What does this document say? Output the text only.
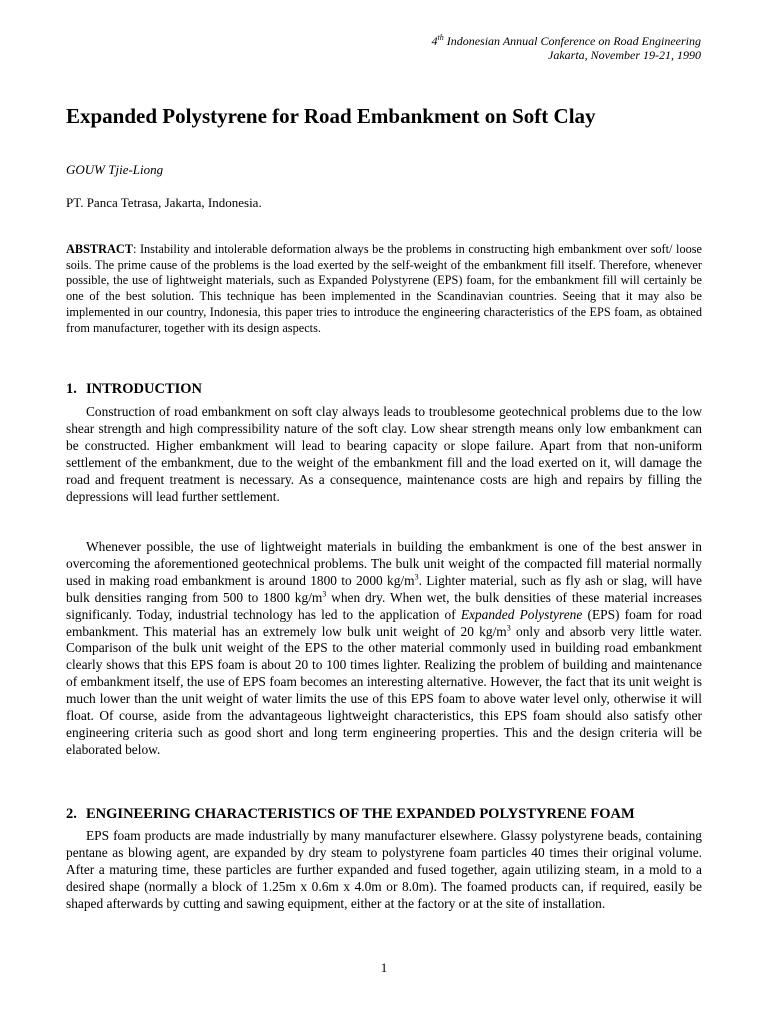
4th Indonesian Annual Conference on Road Engineering
Jakarta, November 19-21, 1990
Expanded Polystyrene for Road Embankment on Soft Clay
GOUW Tjie-Liong
PT. Panca Tetrasa, Jakarta, Indonesia.
ABSTRACT: Instability and intolerable deformation always be the problems in constructing high embankment over soft/ loose soils. The prime cause of the problems is the load exerted by the self-weight of the embankment fill itself. Therefore, whenever possible, the use of lightweight materials, such as Expanded Polystyrene (EPS) foam, for the embankment fill will certainly be one of the best solution. This technique has been implemented in the Scandinavian countries. Seeing that it may also be implemented in our country, Indonesia, this paper tries to introduce the engineering characteristics of the EPS foam, as obtained from manufacturer, together with its design aspects.
1. INTRODUCTION

Construction of road embankment on soft clay always leads to troublesome geotechnical problems due to the low shear strength and high compressibility nature of the soft clay. Low shear strength means only low embankment can be constructed. Higher embankment will lead to bearing capacity or slope failure. Apart from that non-uniform settlement of the embankment, due to the weight of the embankment fill and the load exerted on it, will damage the road and frequent treatment is necessary. As a consequence, maintenance costs are high and repairs by filling the depressions will lead further settlement.

Whenever possible, the use of lightweight materials in building the embankment is one of the best answer in overcoming the aforementioned geotechnical problems. The bulk unit weight of the compacted fill material normally used in making road embankment is around 1800 to 2000 $kg/m^3$. Lighter material, such as fly ash or slag, will have bulk densities ranging from 500 to 1800 $kg/m^3$ when dry. When wet, the bulk densities of these material increases significanly. Today, industrial technology has led to the application of Expanded Polystyrene (EPS) foam for road embankment. This material has an extremely low bulk unit weight of 20 $kg/m^3$ only and absorb very little water. Comparison of the bulk unit weight of the EPS to the other material commonly used in building road embankment clearly shows that this EPS foam is about 20 to 100 times lighter. Realizing the problem of building and maintenance of embankment itself, the use of EPS foam becomes an interesting alternative. However, the fact that its unit weight is much lower than the unit weight of water limits the use of this EPS foam to above water level only, otherwise it will float. Of course, aside from the advantageous lightweight characteristics, this EPS foam should also satisfy other engineering criteria such as good short and long term engineering properties. This and the design criteria will be elaborated below.

2. ENGINEERING CHARACTERISTICS OF THE EXPANDED POLYSTYRENE FOAM

EPS foam products are made industrially by many manufacturer elsewhere. Glassy polystyrene beads, containing pentane as blowing agent, are expanded by dry steam to polystyrene foam particles 40 times their original volume. After a maturing time, these particles are further expanded and fused together, again utilizing steam, in a mold to a desired shape (normally a block of 1.25m x 0.6m x 4.0m or 8.0m). The foamed products can, if required, easily be shaped afterwards by cutting and sawing equipment, either at the factory or at the site of installation.

1
